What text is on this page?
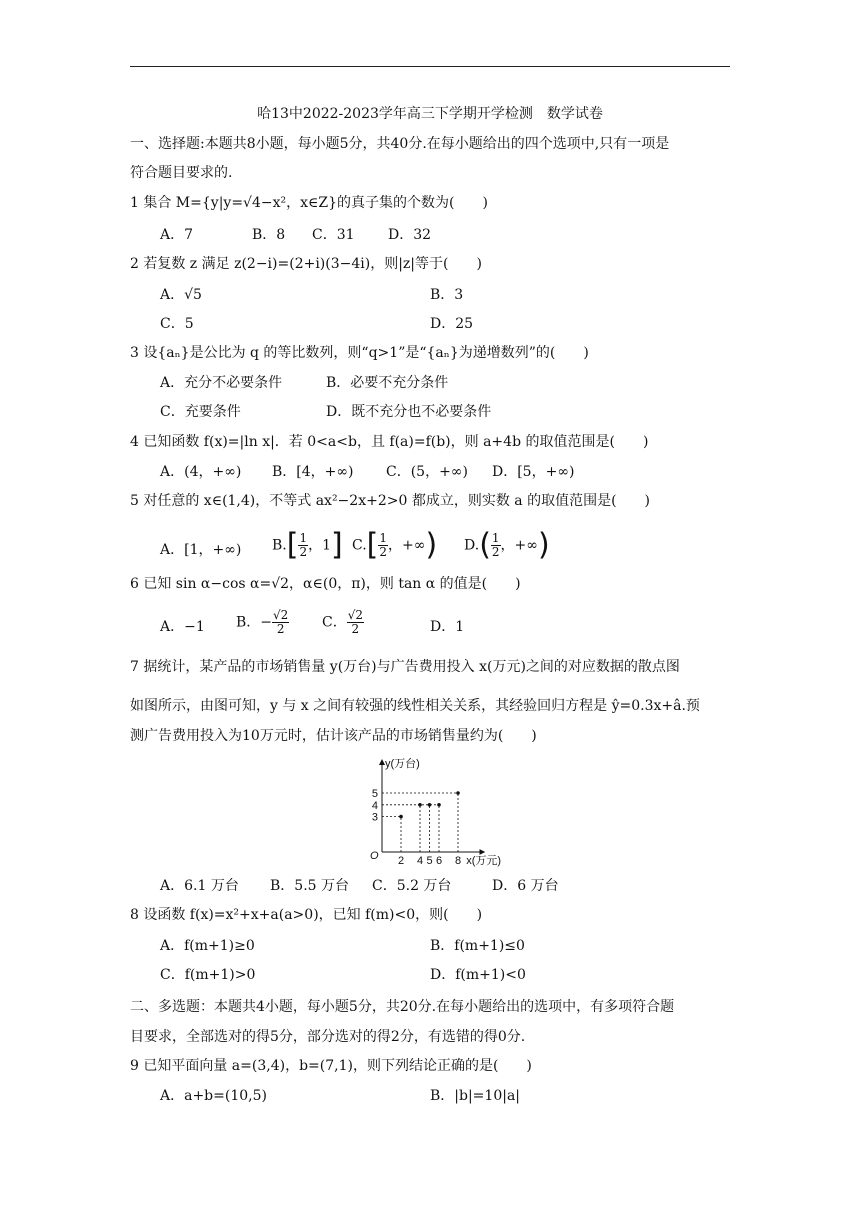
哈13中2022-2023学年高三下学期开学检测　数学试卷
一、选择题:本题共8小题，每小题5分，共40分.在每小题给出的四个选项中,只有一项是
符合题目要求的.
1 集合 M={y|y=√4−x²，x∈Z}的真子集的个数为(　　)
A．7	B．8 C．31 D．32
2 若复数 z 满足 z(2−i)=(2+i)(3−4i)，则|z|等于(　　)
A．√5	B．3
C．5	D．25
3 设{aₙ}是公比为 q 的等比数列，则“q>1”是“{aₙ}为递增数列”的(　　)
A．充分不必要条件	B．必要不充分条件
C．充要条件	D．既不充分也不必要条件
4 已知函数 f(x)=|ln x|．若 0<a<b，且 f(a)=f(b)，则 a+4b 的取值范围是(　　)
A．(4，+∞) B．[4，+∞) C．(5，+∞) D．[5，+∞)
5 对任意的 x∈(1,4)，不等式 ax²−2x+2>0 都成立，则实数 a 的取值范围是(　　)
A．[1，+∞) $B.[ \frac{1}{2}$ ，1] $C.[ \frac{1}{2}$ ，+∞) $D.( \frac{1}{2}$ ，+∞)
6 已知 sin α−cos α=√2，α∈(0，π)，则 tan α 的值是(　　)
A．−1 B．− $\frac{√2}{2}$ C． $\frac{√2}{2}$	D．1
7 据统计，某产品的市场销售量 y(万台)与广告费用投入 x(万元)之间的对应数据的散点图
如图所示，由图可知，y 与 x 之间有较强的线性相关关系，其经验回归方程是 ŷ=0.3x+â.预
测广告费用投入为10万元时，估计该产品的市场销售量约为(　　)
y(万台)
x(万元)
O 2 4 5 6 8
3
4
5
A．6.1 万台 B．5.5 万台 C．5.2 万台	D．6 万台
8 设函数 f(x)=x²+x+a(a>0)，已知 f(m)<0，则(　　)
A．f(m+1)≥0	B．f(m+1)≤0
C．f(m+1)>0	D．f(m+1)<0
二、多选题：本题共4小题，每小题5分，共20分.在每小题给出的选项中，有多项符合题
目要求，全部选对的得5分，部分选对的得2分，有选错的得0分.
9 已知平面向量 a=(3,4)，b=(7,1)，则下列结论正确的是(　　)
A．a+b=(10,5)	B．|b|=10|a|
